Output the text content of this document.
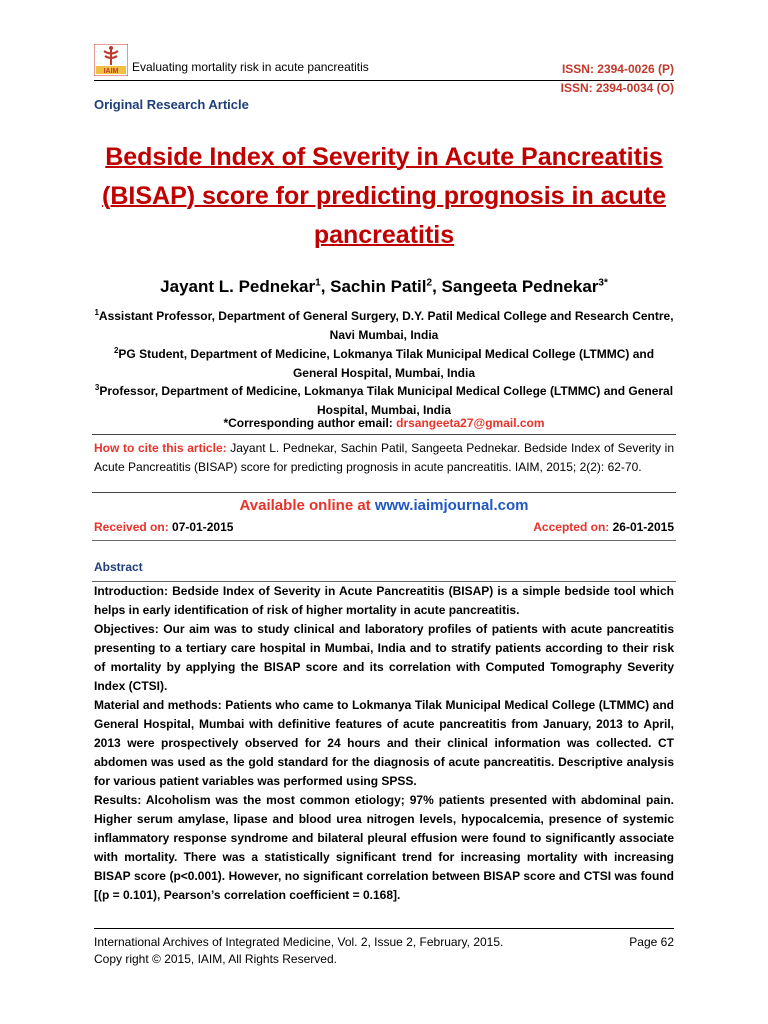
IAIM Evaluating mortality risk in acute pancreatitis	ISSN: 2394-0026 (P)
ISSN: 2394-0034 (O)
Original Research Article
Bedside Index of Severity in Acute Pancreatitis (BISAP) score for predicting prognosis in acute pancreatitis
Jayant L. Pednekar$^1$, Sachin Patil$^2$, Sangeeta Pednekar$^{3*}$
$^1$Assistant Professor, Department of General Surgery, D.Y. Patil Medical College and Research Centre, Navi Mumbai, India
$^2$PG Student, Department of Medicine, Lokmanya Tilak Municipal Medical College (LTMMC) and General Hospital, Mumbai, India
$^3$Professor, Department of Medicine, Lokmanya Tilak Municipal Medical College (LTMMC) and General Hospital, Mumbai, India
*Corresponding author email: drsangeeta27@gmail.com
How to cite this article: Jayant L. Pednekar, Sachin Patil, Sangeeta Pednekar. Bedside Index of Severity in Acute Pancreatitis (BISAP) score for predicting prognosis in acute pancreatitis. IAIM, 2015; 2(2): 62-70.
Available online at www.iaimjournal.com
Received on: 07-01-2015	Accepted on: 26-01-2015
Abstract

Introduction: Bedside Index of Severity in Acute Pancreatitis (BISAP) is a simple bedside tool which helps in early identification of risk of higher mortality in acute pancreatitis.

Objectives: Our aim was to study clinical and laboratory profiles of patients with acute pancreatitis presenting to a tertiary care hospital in Mumbai, India and to stratify patients according to their risk of mortality by applying the BISAP score and its correlation with Computed Tomography Severity Index (CTSI).

Material and methods: Patients who came to Lokmanya Tilak Municipal Medical College (LTMMC) and General Hospital, Mumbai with definitive features of acute pancreatitis from January, 2013 to April, 2013 were prospectively observed for 24 hours and their clinical information was collected. CT abdomen was used as the gold standard for the diagnosis of acute pancreatitis. Descriptive analysis for various patient variables was performed using SPSS.

Results: Alcoholism was the most common etiology; 97% patients presented with abdominal pain. Higher serum amylase, lipase and blood urea nitrogen levels, hypocalcemia, presence of systemic inflammatory response syndrome and bilateral pleural effusion were found to significantly associate with mortality. There was a statistically significant trend for increasing mortality with increasing BISAP score (p<0.001). However, no significant correlation between BISAP score and CTSI was found [(p = 0.101), Pearson’s correlation coefficient = 0.168].

International Archives of Integrated Medicine, Vol. 2, Issue 2, February, 2015.
Copy right © 2015, IAIM, All Rights Reserved.
Page 62
